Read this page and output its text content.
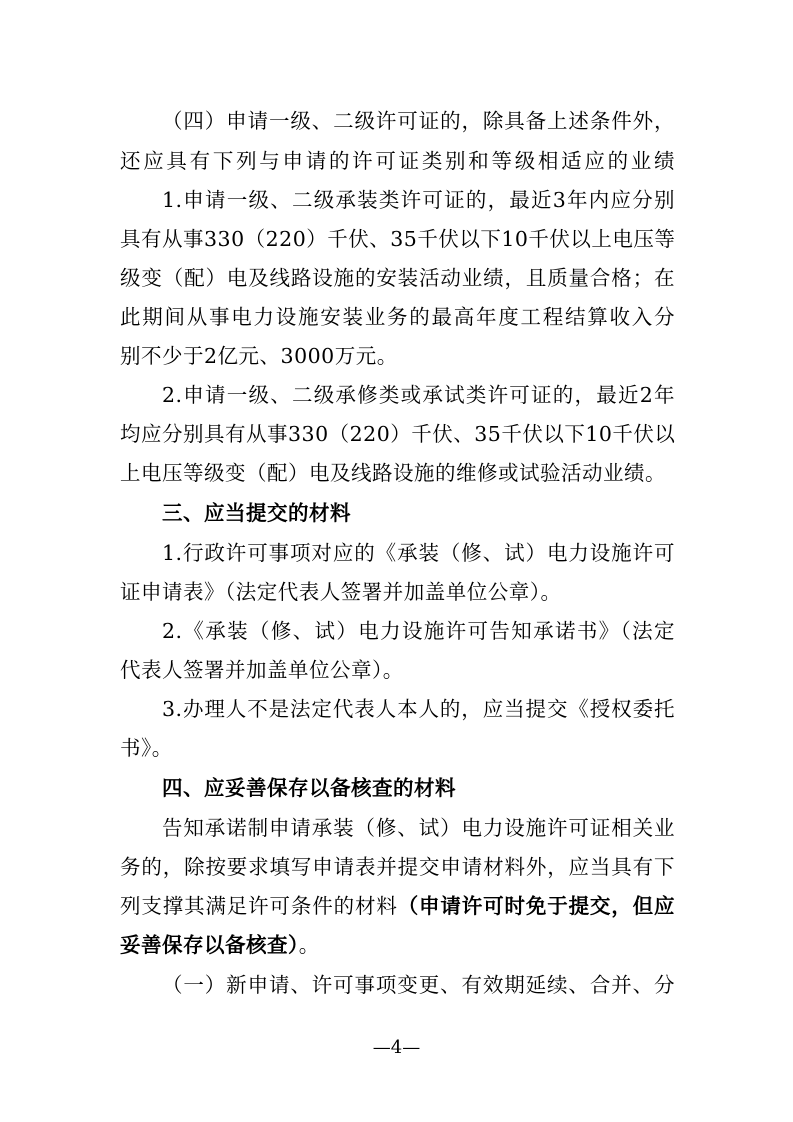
（四）申请一级、二级许可证的，除具备上述条件外，
还应具有下列与申请的许可证类别和等级相适应的业绩
1.申请一级、二级承装类许可证的，最近3年内应分别
具有从事330（220）千伏、35千伏以下10千伏以上电压等
级变（配）电及线路设施的安装活动业绩，且质量合格；在
此期间从事电力设施安装业务的最高年度工程结算收入分
别不少于2亿元、3000万元。
2.申请一级、二级承修类或承试类许可证的，最近2年
均应分别具有从事330（220）千伏、35千伏以下10千伏以
上电压等级变（配）电及线路设施的维修或试验活动业绩。
三、应当提交的材料
1.行政许可事项对应的《承装（修、试）电力设施许可
证申请表》（法定代表人签署并加盖单位公章）。
2.《承装（修、试）电力设施许可告知承诺书》（法定
代表人签署并加盖单位公章）。
3.办理人不是法定代表人本人的，应当提交《授权委托
书》。
四、应妥善保存以备核查的材料
告知承诺制申请承装（修、试）电力设施许可证相关业
务的，除按要求填写申请表并提交申请材料外，应当具有下
列支撑其满足许可条件的材料（申请许可时免于提交，但应
妥善保存以备核查）。
（一）新申请、许可事项变更、有效期延续、合并、分
—4—
